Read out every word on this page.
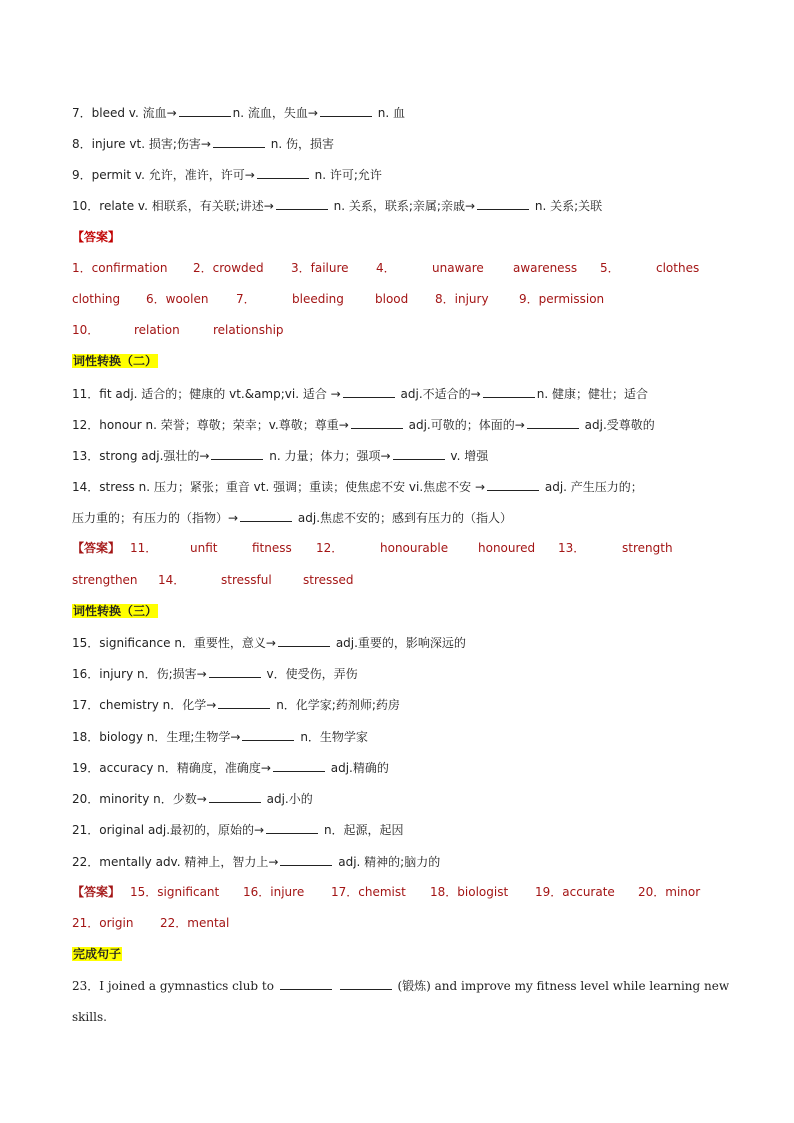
7．bleed v. 流血→	n. 流血，失血→	n. 血
8．injure vt. 损害;伤害→	n. 伤，损害
9．permit v. 允许，准许，许可→	n. 许可;允许
10．relate v. 相联系，有关联;讲述→	n. 关系，联系;亲属;亲戚→	n. 关系;关联
【答案】
1．confirmation 2．crowded 3．failure 4．	unaware awareness 5．	clothes
clothing 6．woolen 7．	bleeding	blood 8．injury	9．permission
10．	relation	relationship
词性转换（二）
11．fit adj. 适合的；健康的 vt.&amp;vi. 适合 →	adj.不适合的→	n. 健康；健壮；适合
12．honour n. 荣誉；尊敬；荣幸；v.尊敬；尊重→	adj.可敬的；体面的→	adj.受尊敬的
13．strong adj.强壮的→	n. 力量；体力；强项→	v. 增强
14．stress n. 压力；紧张；重音 vt. 强调；重读；使焦虑不安 vi.焦虑不安 →	adj. 产生压力的；
压力重的；有压力的（指物）→	adj.焦虑不安的；感到有压力的（指人）
【答案】 11．	unfit	fitness 12．	honourable honoured 13．	strength
strengthen 14．	stressful	stressed
词性转换（三）
15．significance n．重要性，意义→	adj.重要的，影响深远的
16．injury n．伤;损害→	v．使受伤，弄伤
17．chemistry n．化学→	n．化学家;药剂师;药房
18．biology n．生理;生物学→	n．生物学家
19．accuracy n．精确度，准确度→	adj.精确的
20．minority n．少数→	adj.小的
21．original adj.最初的，原始的→	n．起源，起因
22．mentally adv. 精神上，智力上→	adj. 精神的;脑力的
【答案】 15．significant 16．injure 17．chemist 18．biologist 19．accurate 20．minor
21．origin 22．mental
完成句子
23．I joined a gymnastics club to	(锻炼) and improve my fitness level while learning new
skills.
